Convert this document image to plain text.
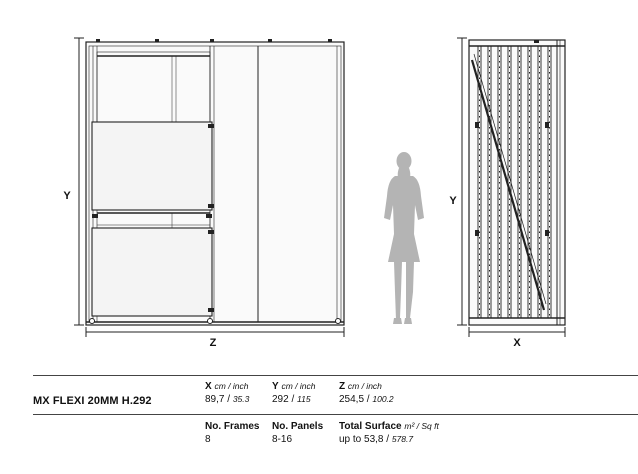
Y
Z
Y
X
MX FLEXI 20MM H.292
X cm / inch
89,7 / 35.3
Y cm / inch
292 / 115
Z cm / inch
254,5 / 100.2
No. Frames
8
No. Panels
8-16
Total Surface m² / Sq ft
up to 53,8 / 578.7
